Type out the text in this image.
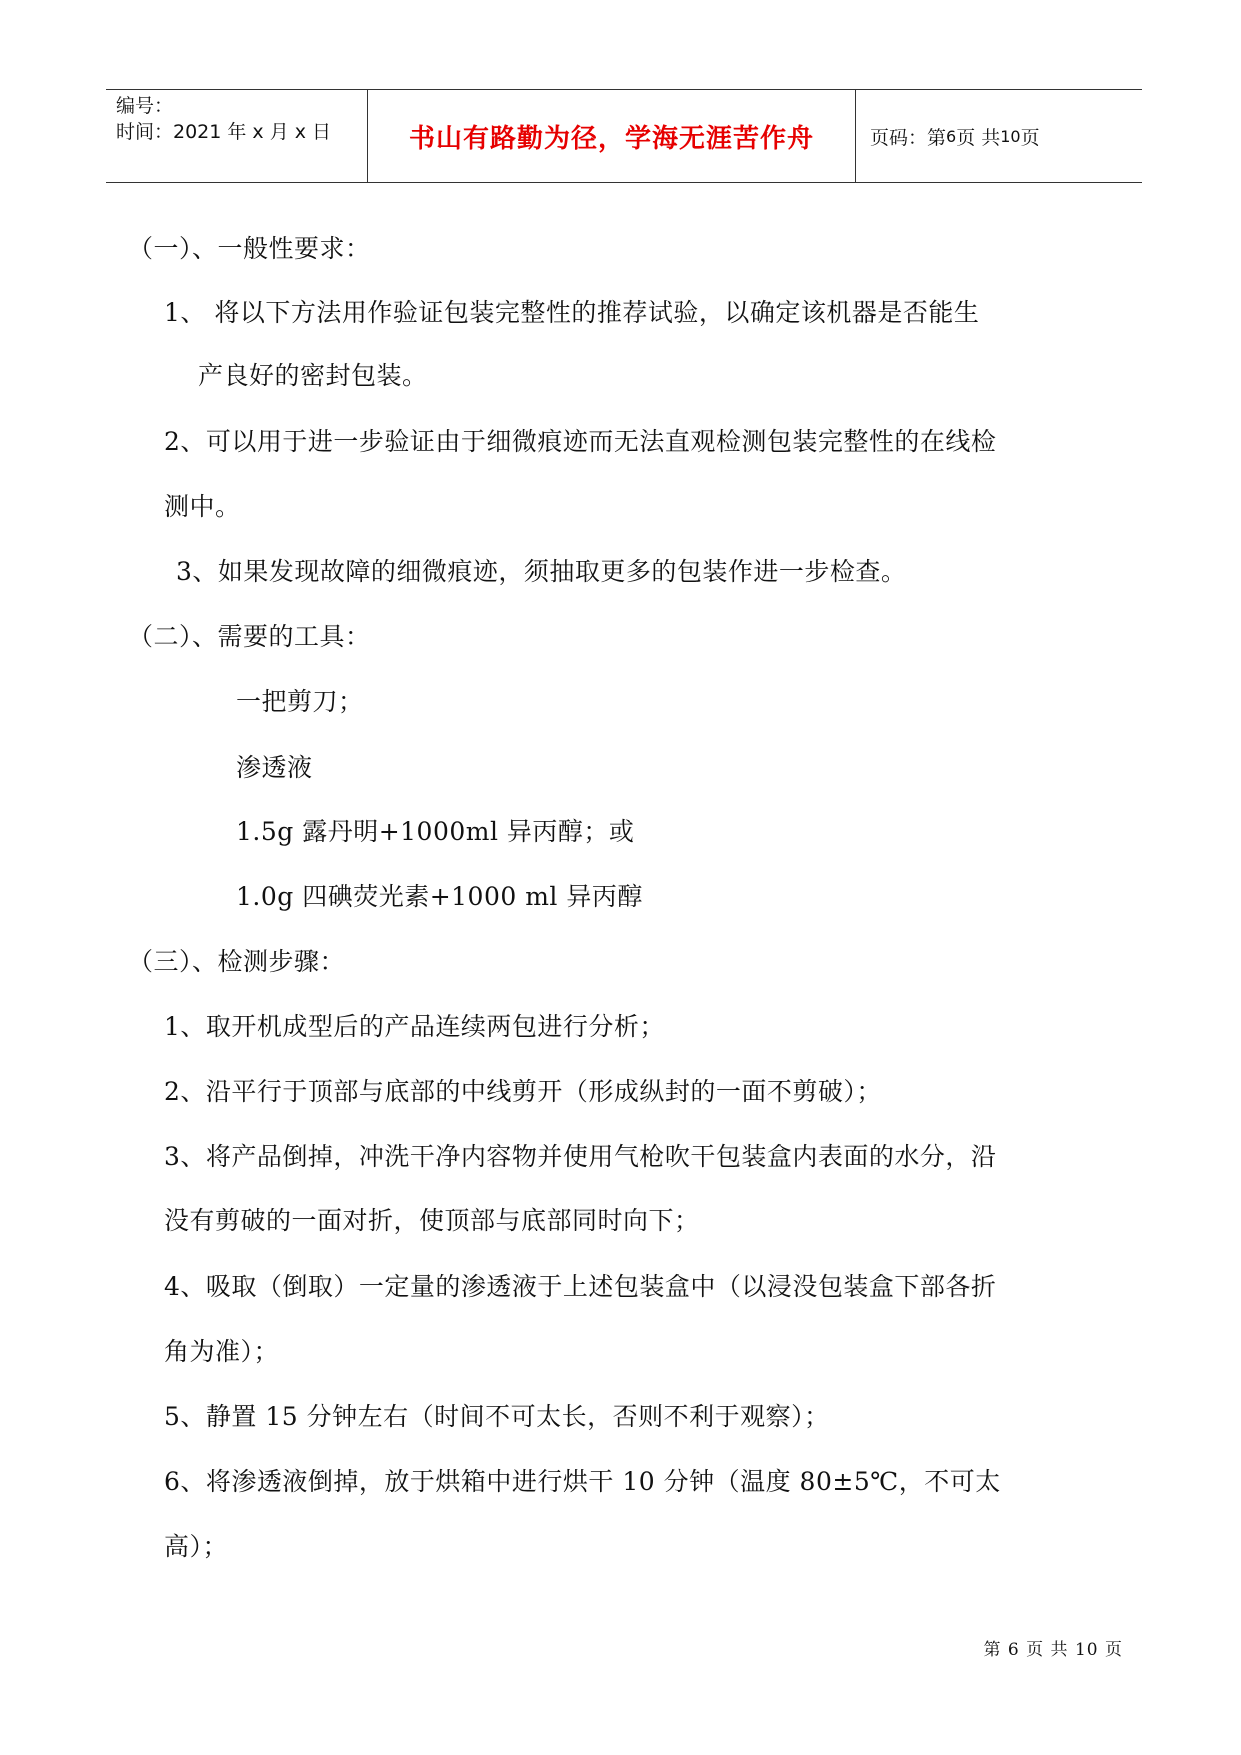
编号：
时间：2021 年 x 月 x 日	书山有路勤为径，学海无涯苦作舟	页码：第 6 页 共 10 页
（一）、一般性要求：
1、 将以下方法用作验证包装完整性的推荐试验，以确定该机器是否能生
产良好的密封包装。
2、可以用于进一步验证由于细微痕迹而无法直观检测包装完整性的在线检
测中。
3、如果发现故障的细微痕迹，须抽取更多的包装作进一步检查。
（二）、需要的工具：
一把剪刀；
渗透液
1.5g 露丹明+1000ml 异丙醇；或
1.0g 四碘荧光素+1000 ml 异丙醇
（三）、检测步骤：
1、取开机成型后的产品连续两包进行分析；
2、沿平行于顶部与底部的中线剪开（形成纵封的一面不剪破）；
3、将产品倒掉，冲洗干净内容物并使用气枪吹干包装盒内表面的水分，沿
没有剪破的一面对折，使顶部与底部同时向下；
4、吸取（倒取）一定量的渗透液于上述包装盒中（以浸没包装盒下部各折
角为准）；
5、静置 15 分钟左右（时间不可太长，否则不利于观察）；
6、将渗透液倒掉，放于烘箱中进行烘干 10 分钟（温度 80±5℃，不可太
高）；
第 6 页 共 10 页
